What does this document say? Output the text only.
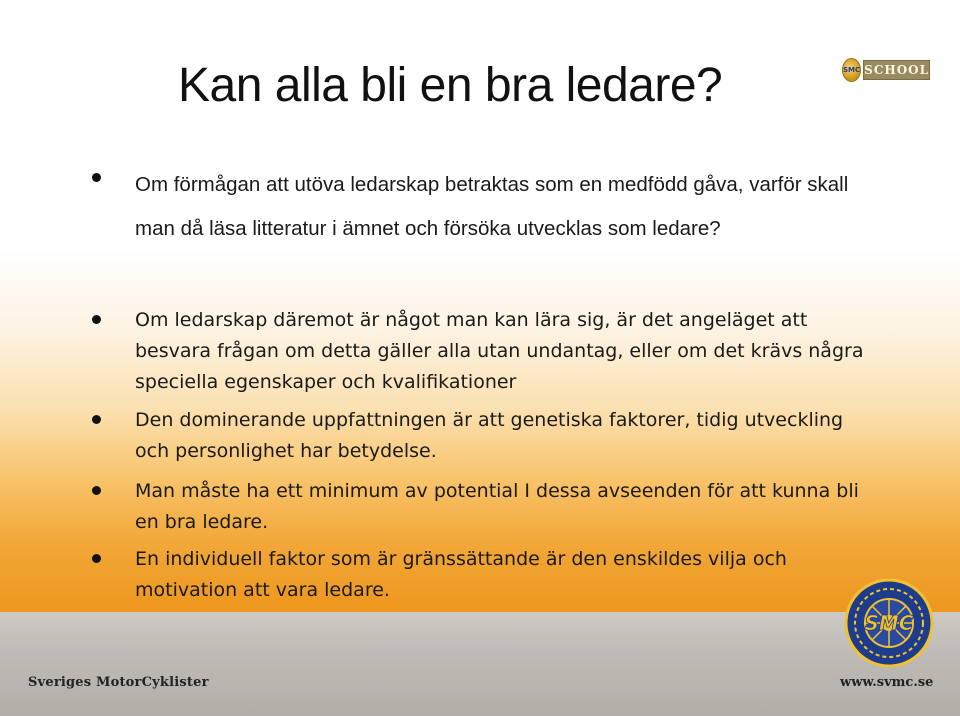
Kan alla bli en bra ledare?	SMC SCHOOL

Om förmågan att utöva ledarskap betraktas som en medfödd gåva, varför skall man då läsa litteratur i ämnet och försöka utvecklas som ledare?

Om ledarskap däremot är något man kan lära sig, är det angeläget att besvara frågan om detta gäller alla utan undantag, eller om det krävs några speciella egenskaper och kvalifikationer

Den dominerande uppfattningen är att genetiska faktorer, tidig utveckling och personlighet har betydelse.

Man måste ha ett minimum av potential I dessa avseenden för att kunna bli en bra ledare.

En individuell faktor som är gränssättande är den enskildes vilja och motivation att vara ledare.

SMC

Sveriges MotorCyklister	www.svmc.se
